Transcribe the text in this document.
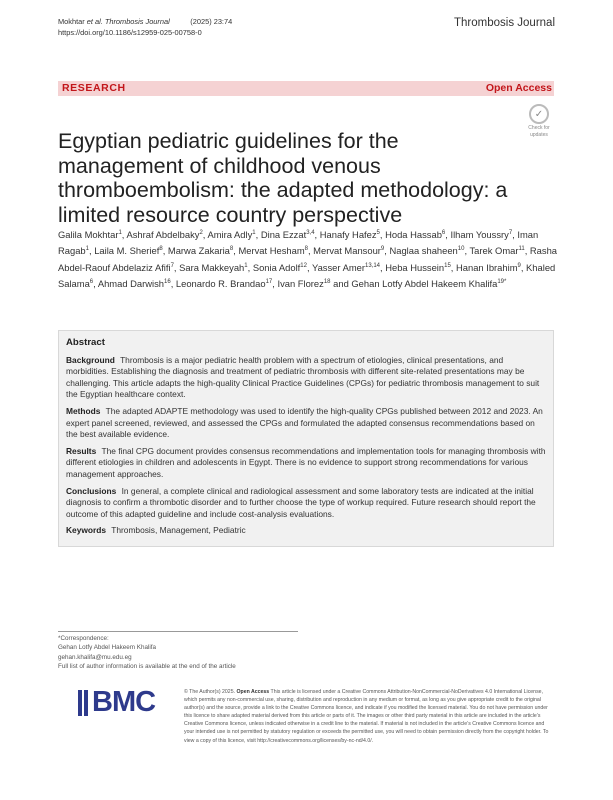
Mokhtar et al. Thrombosis Journal	(2025) 23:74
https://doi.org/10.1186/s12959-025-00758-0
Thrombosis Journal
RESEARCH	Open Access
✓
Check for
updates
Egyptian pediatric guidelines for the management of childhood venous thromboembolism: the adapted methodology: a limited resource country perspective
Galila Mokhtar$^1$, Ashraf Abdelbaky$^2$, Amira Adly$^1$, Dina Ezzat$^{3,4}$, Hanafy Hafez$^5$, Hoda Hassab$^6$, Ilham Youssry$^7$, Iman Ragab$^1$, Laila M. Sherief$^8$, Marwa Zakaria$^8$, Mervat Hesham$^8$, Mervat Mansour$^9$, Naglaa shaheen$^{10}$, Tarek Omar$^{11}$, Rasha Abdel-Raouf Abdelaziz Afifi$^7$, Sara Makkeyah$^1$, Sonia Adolf$^{12}$, Yasser Amer$^{13,14}$, Heba Hussein$^{15}$, Hanan Ibrahim$^9$, Khaled Salama$^6$, Ahmad Darwish$^{16}$, Leonardo R. Brandao$^{17}$, Ivan Florez$^{18}$ and Gehan Lotfy Abdel Hakeem Khalifa$^{19*}$
Abstract

Background Thrombosis is a major pediatric health problem with a spectrum of etiologies, clinical presentations, and morbidities. Establishing the diagnosis and treatment of pediatric thrombosis with different site-related presentations may be challenging. This article adapts the high-quality Clinical Practice Guidelines (CPGs) for pediatric thrombosis management to suit the Egyptian healthcare context.

Methods The adapted ADAPTE methodology was used to identify the high-quality CPGs published between 2012 and 2023. An expert panel screened, reviewed, and assessed the CPGs and formulated the adapted consensus recommendations based on the best available evidence.

Results The final CPG document provides consensus recommendations and implementation tools for managing thrombosis with different etiologies in children and adolescents in Egypt. There is no evidence to support strong recommendations for various management approaches.

Conclusions In general, a complete clinical and radiological assessment and some laboratory tests are indicated at the initial diagnosis to confirm a thrombotic disorder and to further choose the type of workup required. Future research should report the outcome of this adapted guideline and include cost-analysis evaluations.

Keywords Thrombosis, Management, Pediatric

*Correspondence:
Gehan Lotfy Abdel Hakeem Khalifa
gehan.khalifa@mu.edu.eg
Full list of author information is available at the end of the article
BMC	© The Author(s) 2025. Open Access This article is licensed under a Creative Commons Attribution-NonCommercial-NoDerivatives 4.0 International License, which permits any non-commercial use, sharing, distribution and reproduction in any medium or format, as long as you give appropriate credit to the original author(s) and the source, provide a link to the Creative Commons licence, and indicate if you modified the licensed material. You do not have permission under this licence to share adapted material derived from this article or parts of it. The images or other third party material in this article are included in the article’s Creative Commons licence, unless indicated otherwise in a credit line to the material. If material is not included in the article’s Creative Commons licence and your intended use is not permitted by statutory regulation or exceeds the permitted use, you will need to obtain permission directly from the copyright holder. To view a copy of this licence, visit http://creativecommons.org/licenses/by-nc-nd/4.0/.
